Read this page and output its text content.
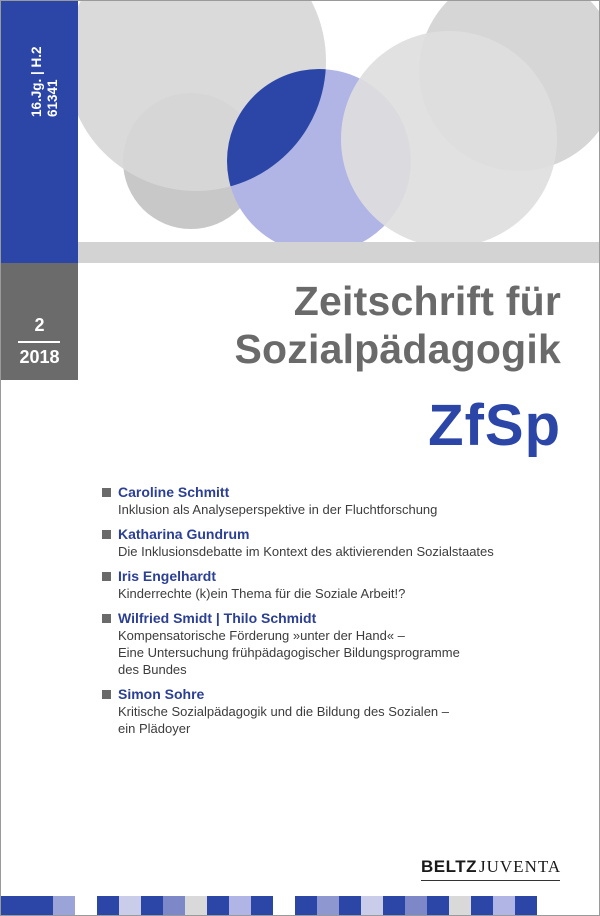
16.Jg. | H.2 61341
2
2018
Zeitschrift für
Sozialpädagogik
ZfSp
Caroline Schmitt
Inklusion als Analyseperspektive in der Fluchtforschung
Katharina Gundrum
Die Inklusionsdebatte im Kontext des aktivierenden Sozialstaates
Iris Engelhardt
Kinderrechte (k)ein Thema für die Soziale Arbeit!?
Wilfried Smidt | Thilo Schmidt
Kompensatorische Förderung »unter der Hand« –
Eine Untersuchung frühpädagogischer Bildungsprogramme
des Bundes
Simon Sohre
Kritische Sozialpädagogik und die Bildung des Sozialen –
ein Plädoyer
BELTZ JUVENTA
